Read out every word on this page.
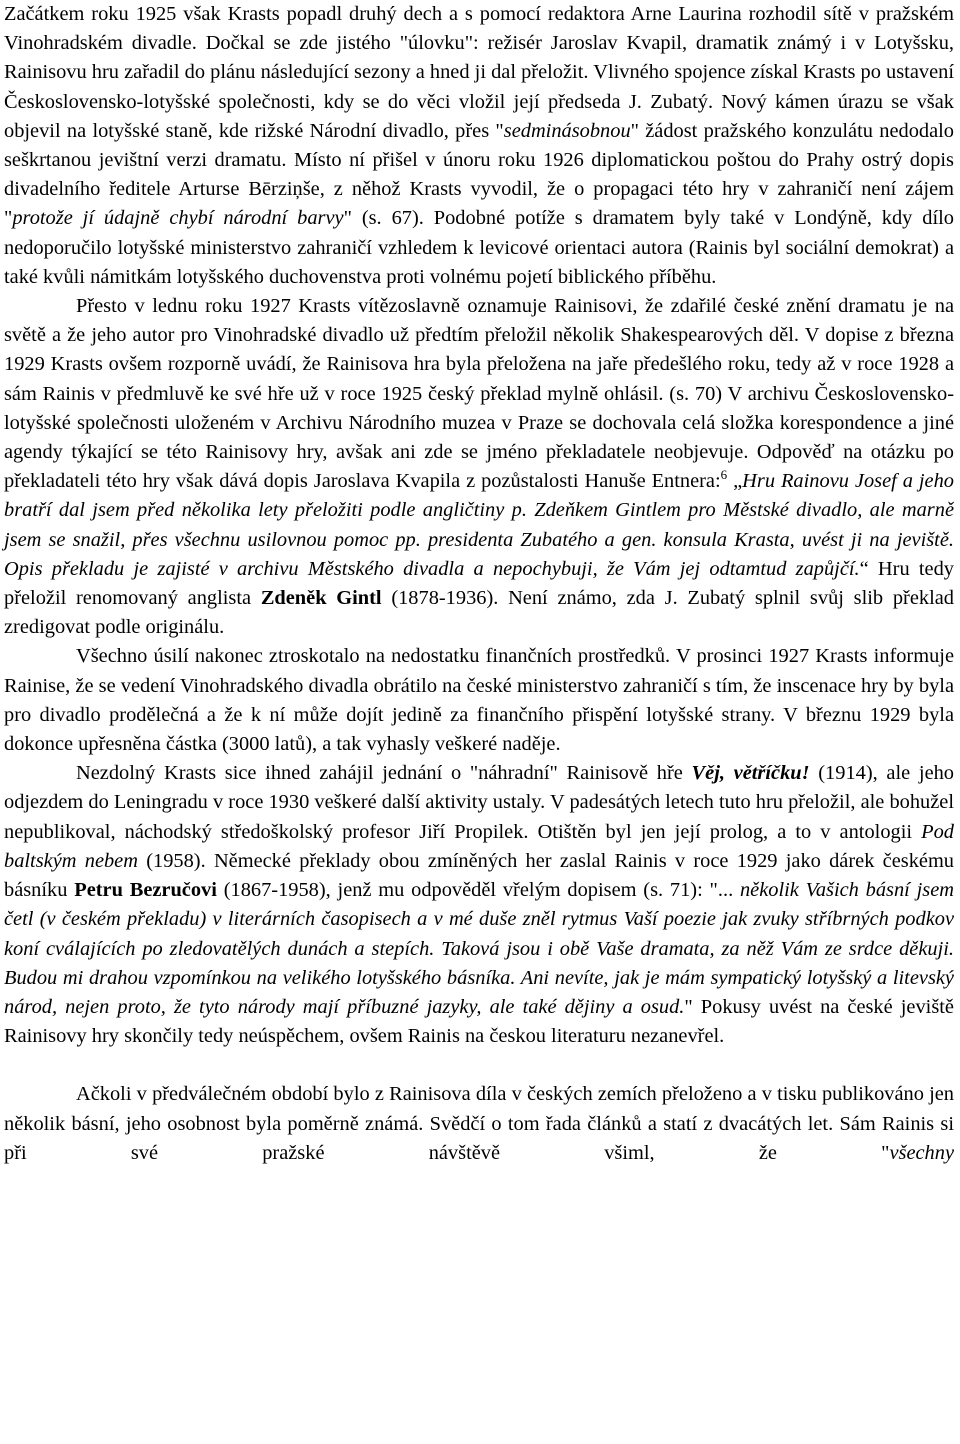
Začátkem roku 1925 však Krasts popadl druhý dech a s pomocí redaktora Arne Laurina rozhodil sítě v pražském Vinohradském divadle. Dočkal se zde jistého "úlovku": režisér Jaroslav Kvapil, dramatik známý i v Lotyšsku, Rainisovu hru zařadil do plánu následující sezony a hned ji dal přeložit. Vlivného spojence získal Krasts po ustavení Československo-lotyšské společnosti, kdy se do věci vložil její předseda J. Zubatý. Nový kámen úrazu se však objevil na lotyšské staně, kde rižské Národní divadlo, přes "sedminásobnou" žádost pražského konzulátu nedodalo seškrtanou jevištní verzi dramatu. Místo ní přišel v únoru roku 1926 diplomatickou poštou do Prahy ostrý dopis divadelního ředitele Arturse Bērziņše, z něhož Krasts vyvodil, že o propagaci této hry v zahraničí není zájem "protože jí údajně chybí národní barvy" (s. 67). Podobné potíže s dramatem byly také v Londýně, kdy dílo nedoporučilo lotyšské ministerstvo zahraničí vzhledem k levicové orientaci autora (Rainis byl sociální demokrat) a také kvůli námitkám lotyšského duchovenstva proti volnému pojetí biblického příběhu.

Přesto v lednu roku 1927 Krasts vítězoslavně oznamuje Rainisovi, že zdařilé české znění dramatu je na světě a že jeho autor pro Vinohradské divadlo už předtím přeložil několik Shakespearových děl. V dopise z března 1929 Krasts ovšem rozporně uvádí, že Rainisova hra byla přeložena na jaře předešlého roku, tedy až v roce 1928 a sám Rainis v předmluvě ke své hře už v roce 1925 český překlad mylně ohlásil. (s. 70) V archivu Československo-lotyšské společnosti uloženém v Archivu Národního muzea v Praze se dochovala celá složka korespondence a jiné agendy týkající se této Rainisovy hry, avšak ani zde se jméno překladatele neobjevuje. Odpověď na otázku po překladateli této hry však dává dopis Jaroslava Kvapila z pozůstalosti Hanuše Entnera:$^6$ „Hru Rainovu Josef a jeho bratří dal jsem před několika lety přeložiti podle angličtiny p. Zdeňkem Gintlem pro Městské divadlo, ale marně jsem se snažil, přes všechnu usilovnou pomoc pp. presidenta Zubatého a gen. konsula Krasta, uvést ji na jeviště. Opis překladu je zajisté v archivu Městského divadla a nepochybuji, že Vám jej odtamtud zapůjčí.“ Hru tedy přeložil renomovaný anglista Zdeněk Gintl (1878-1936). Není známo, zda J. Zubatý splnil svůj slib překlad zredigovat podle originálu.

Všechno úsilí nakonec ztroskotalo na nedostatku finančních prostředků. V prosinci 1927 Krasts informuje Rainise, že se vedení Vinohradského divadla obrátilo na české ministerstvo zahraničí s tím, že inscenace hry by byla pro divadlo prodělečná a že k ní může dojít jedině za finančního přispění lotyšské strany. V březnu 1929 byla dokonce upřesněna částka (3000 latů), a tak vyhasly veškeré naděje.

Nezdolný Krasts sice ihned zahájil jednání o "náhradní" Rainisově hře Věj, větříčku! (1914), ale jeho odjezdem do Leningradu v roce 1930 veškeré další aktivity ustaly. V padesátých letech tuto hru přeložil, ale bohužel nepublikoval, náchodský středoškolský profesor Jiří Propilek. Otištěn byl jen její prolog, a to v antologii Pod baltským nebem (1958). Německé překlady obou zmíněných her zaslal Rainis v roce 1929 jako dárek českému básníku Petru Bezručovi (1867-1958), jenž mu odpověděl vřelým dopisem (s. 71): "... několik Vašich básní jsem četl (v českém překladu) v literárních časopisech a v mé duše zněl rytmus Vaší poezie jak zvuky stříbrných podkov koní cválajících po zledovatělých dunách a stepích. Taková jsou i obě Vaše dramata, za něž Vám ze srdce děkuji. Budou mi drahou vzpomínkou na velikého lotyšského básníka. Ani nevíte, jak je mám sympatický lotyšský a litevský národ, nejen proto, že tyto národy mají příbuzné jazyky, ale také dějiny a osud." Pokusy uvést na české jeviště Rainisovy hry skončily tedy neúspěchem, ovšem Rainis na českou literaturu nezanevřel.

Ačkoli v předválečném období bylo z Rainisova díla v českých zemích přeloženo a v tisku publikováno jen několik básní, jeho osobnost byla poměrně známá. Svědčí o tom řada článků a statí z dvacátých let. Sám Rainis si při své pražské návštěvě všiml, že "všechny
